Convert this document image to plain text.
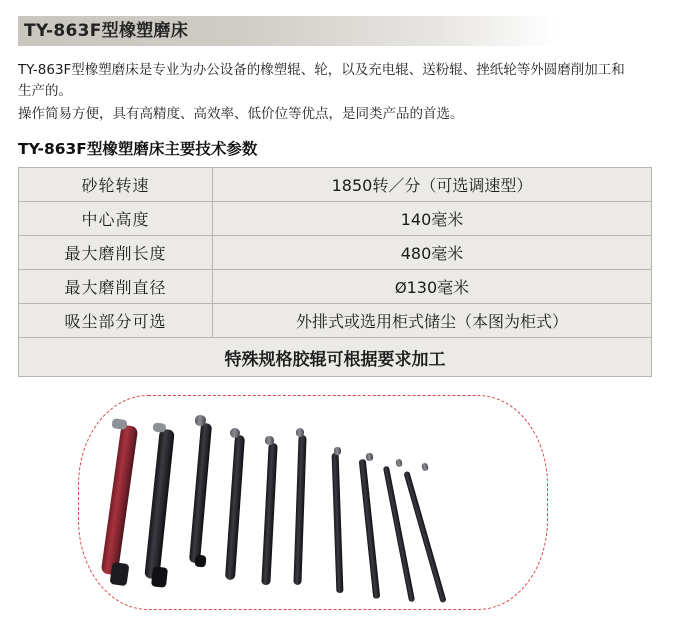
TY-863F型橡塑磨床

TY-863F型橡塑磨床是专业为办公设备的橡塑辊、轮，以及充电辊、送粉辊、挫纸轮等外圆磨削加工和生产的。

操作简易方便，具有高精度、高效率、低价位等优点，是同类产品的首选。

TY-863F型橡塑磨床主要技术参数
砂轮转速	1850转／分（可选调速型）
中心高度	140毫米
最大磨削长度	480毫米
最大磨削直径	Ø130毫米
吸尘部分可选	外排式或选用柜式储尘（本图为柜式）
特殊规格胶辊可根据要求加工	
